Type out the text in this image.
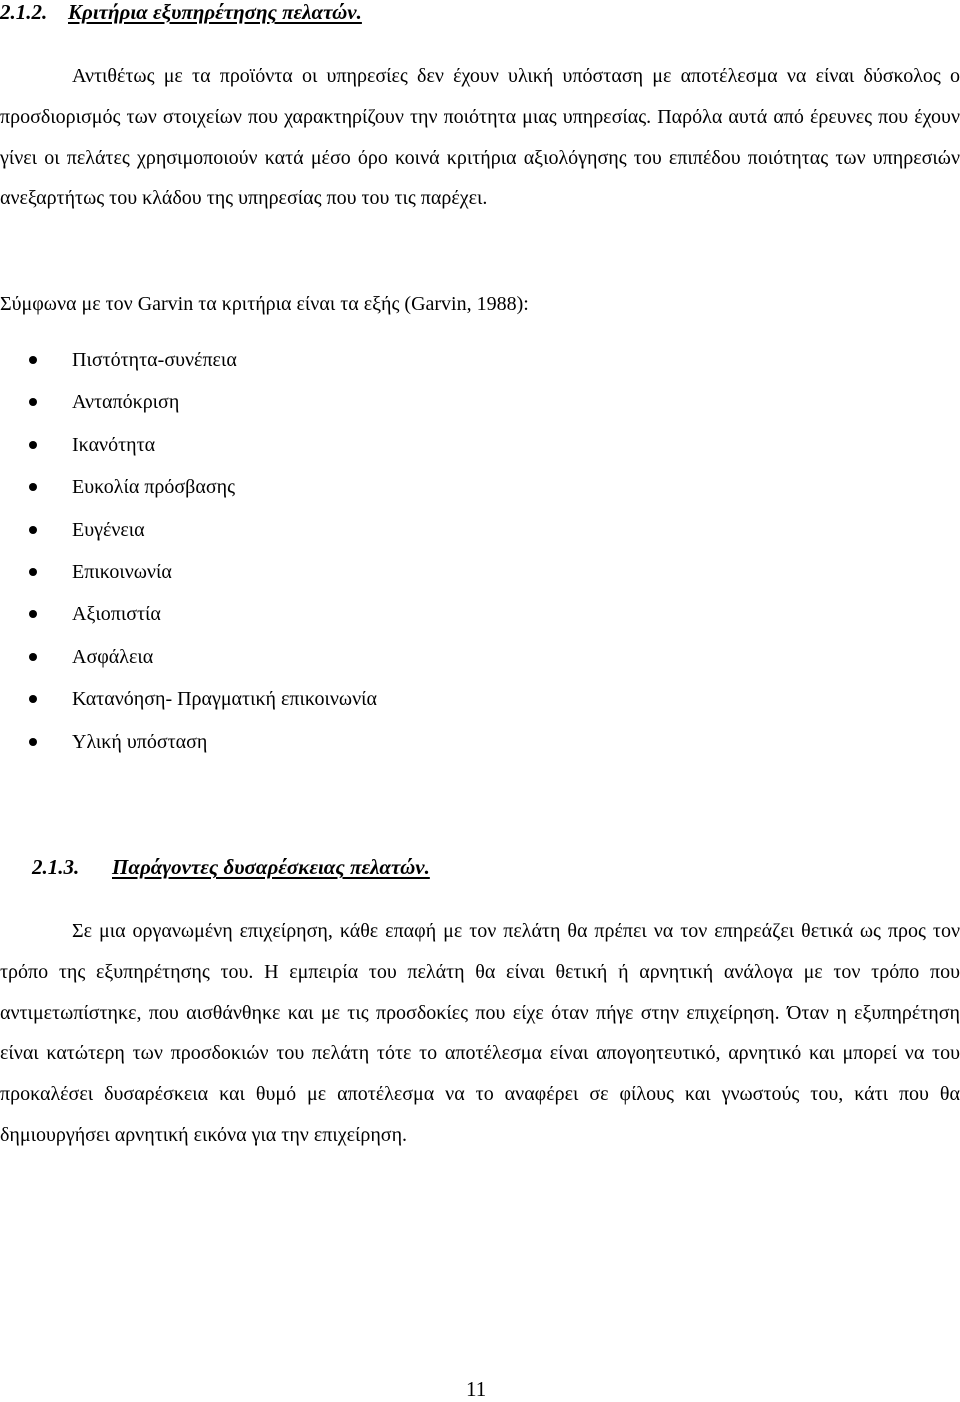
2.1.2. Κριτήρια εξυπηρέτησης πελατών.

Αντιθέτως με τα προϊόντα οι υπηρεσίες δεν έχουν υλική υπόσταση με αποτέλεσμα να είναι δύσκολος ο προσδιορισμός των στοιχείων που χαρακτηρίζουν την ποιότητα μιας υπηρεσίας. Παρόλα αυτά από έρευνες που έχουν γίνει οι πελάτες χρησιμοποιούν κατά μέσο όρο κοινά κριτήρια αξιολόγησης του επιπέδου ποιότητας των υπηρεσιών ανεξαρτήτως του κλάδου της υπηρεσίας που του τις παρέχει.

Σύμφωνα με τον Garvin τα κριτήρια είναι τα εξής (Garvin, 1988):

Πιστότητα-συνέπεια
Ανταπόκριση
Ικανότητα
Ευκολία πρόσβασης
Ευγένεια
Επικοινωνία
Αξιοπιστία
Ασφάλεια
Κατανόηση- Πραγματική επικοινωνία
Υλική υπόσταση
2.1.3. Παράγοντες δυσαρέσκειας πελατών.

Σε μια οργανωμένη επιχείρηση, κάθε επαφή με τον πελάτη θα πρέπει να τον επηρεάζει θετικά ως προς τον τρόπο της εξυπηρέτησης του. Η εμπειρία του πελάτη θα είναι θετική ή αρνητική ανάλογα με τον τρόπο που αντιμετωπίστηκε, που αισθάνθηκε και με τις προσδοκίες που είχε όταν πήγε στην επιχείρηση. Όταν η εξυπηρέτηση είναι κατώτερη των προσδοκιών του πελάτη τότε το αποτέλεσμα είναι απογοητευτικό, αρνητικό και μπορεί να του προκαλέσει δυσαρέσκεια και θυμό με αποτέλεσμα να το αναφέρει σε φίλους και γνωστούς του, κάτι που θα δημιουργήσει αρνητική εικόνα για την επιχείρηση.

11
